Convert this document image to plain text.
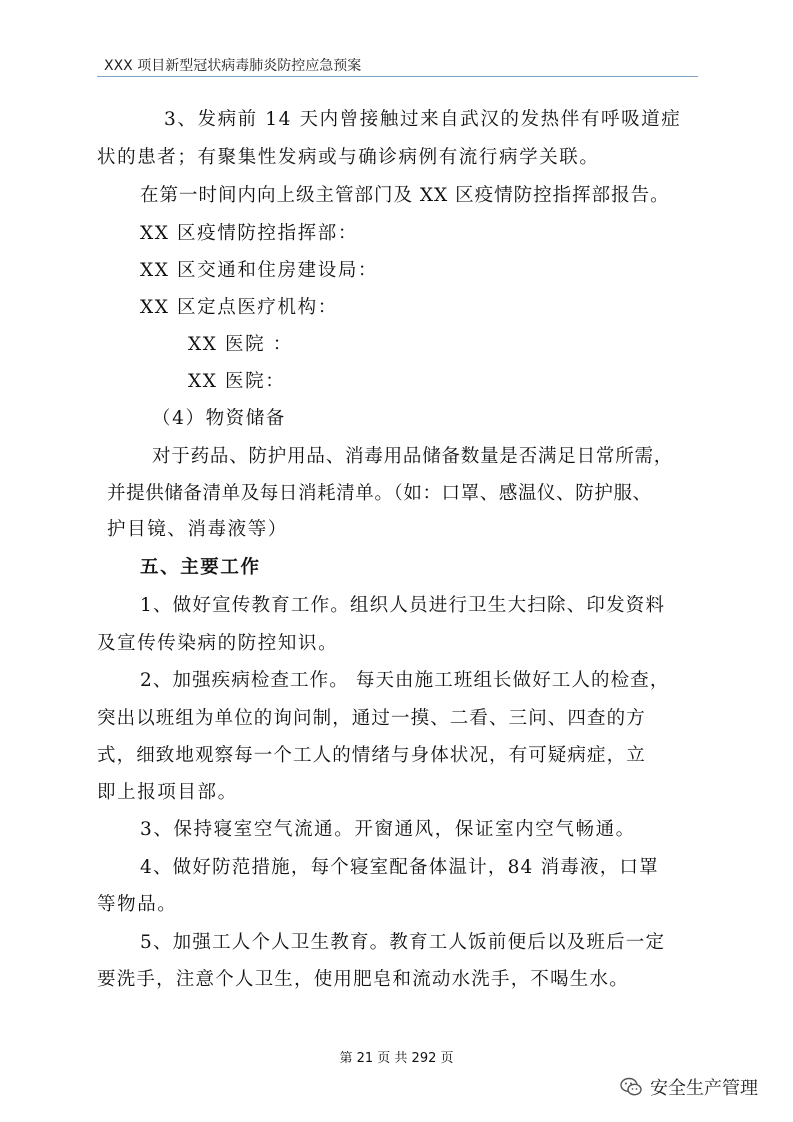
XXX 项目新型冠状病毒肺炎防控应急预案
3、发病前 14 天内曾接触过来自武汉的发热伴有呼吸道症
状的患者；有聚集性发病或与确诊病例有流行病学关联。
在第一时间内向上级主管部门及 XX 区疫情防控指挥部报告。
XX 区疫情防控指挥部：
XX 区交通和住房建设局：
XX 区定点医疗机构：
XX 医院 ：
XX 医院：
（4）物资储备
对于药品、防护用品、消毒用品储备数量是否满足日常所需，
并提供储备清单及每日消耗清单。（如：口罩、感温仪、防护服、
护目镜、消毒液等）
五、主要工作
1、做好宣传教育工作。组织人员进行卫生大扫除、印发资料
及宣传传染病的防控知识。
2、加强疾病检查工作。 每天由施工班组长做好工人的检查，
突出以班组为单位的询问制，通过一摸、二看、三问、四查的方
式，细致地观察每一个工人的情绪与身体状况，有可疑病症，立
即上报项目部。
3、保持寝室空气流通。开窗通风，保证室内空气畅通。
4、做好防范措施，每个寝室配备体温计，84 消毒液，口罩
等物品。
5、加强工人个人卫生教育。教育工人饭前便后以及班后一定
要洗手，注意个人卫生，使用肥皂和流动水洗手，不喝生水。
第 21 页 共 292 页
安全生产管理
